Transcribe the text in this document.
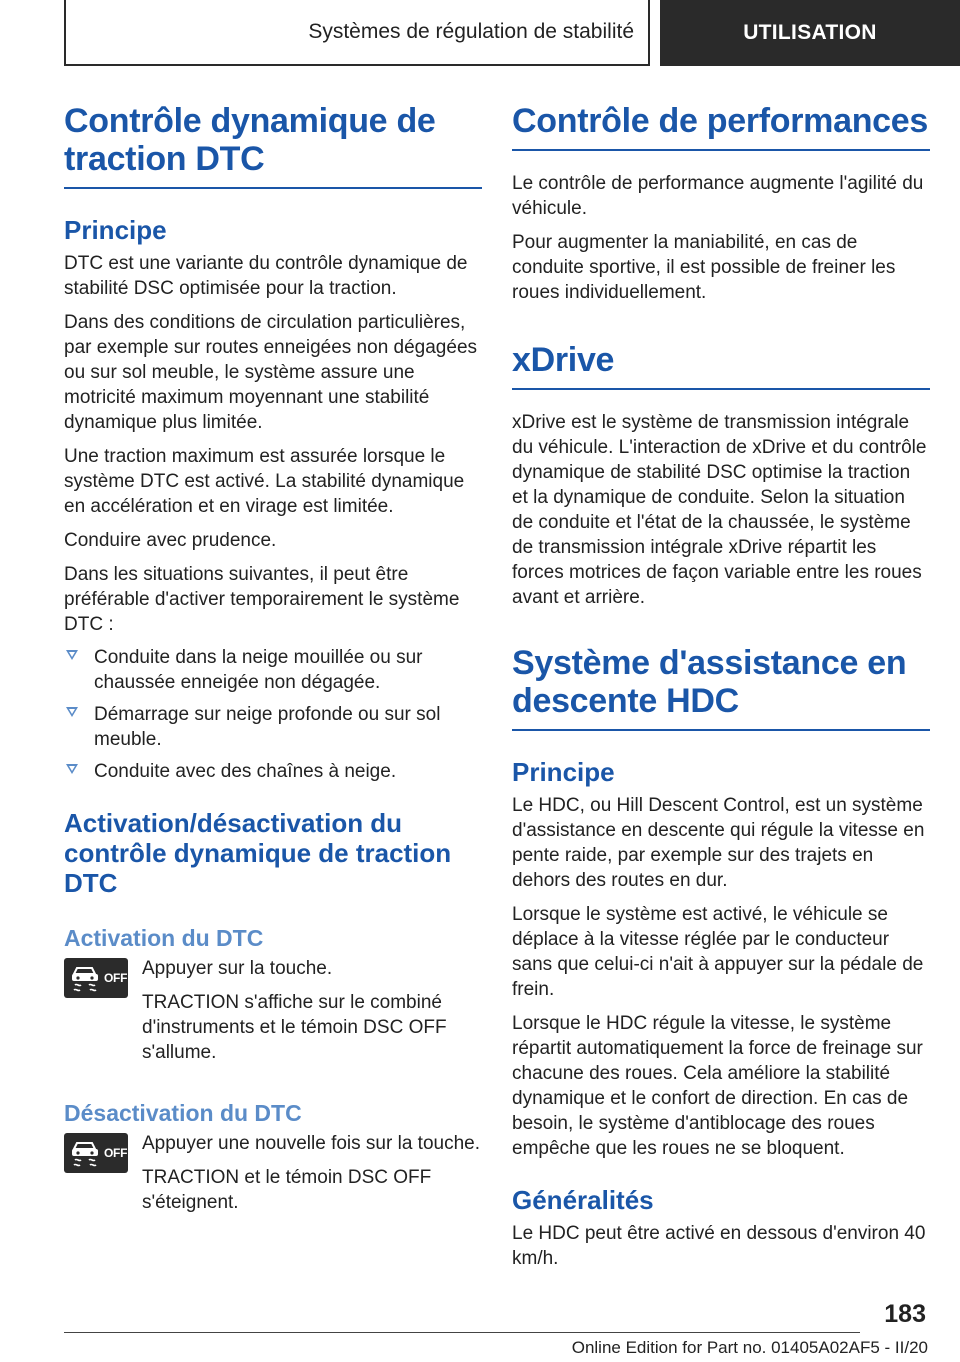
Systèmes de régulation de stabilité	UTILISATION
Contrôle dynamique de traction DTC
Principe

DTC est une variante du contrôle dynamique de stabilité DSC optimisée pour la traction.

Dans des conditions de circulation particulières, par exemple sur routes enneigées non dégagées ou sur sol meuble, le système assure une motricité maximum moyennant une stabilité dynamique plus limitée.

Une traction maximum est assurée lorsque le système DTC est activé. La stabilité dynamique en accélération et en virage est limitée.

Conduire avec prudence.

Dans les situations suivantes, il peut être préférable d'activer temporairement le système DTC :

Conduite dans la neige mouillée ou sur chaussée enneigée non dégagée.
Démarrage sur neige profonde ou sur sol meuble.
Conduite avec des chaînes à neige.
Activation/désactivation du contrôle dynamique de traction DTC
Activation du DTC
OFF Appuyer sur la touche.

TRACTION s'affiche sur le combiné d'instruments et le témoin DSC OFF s'allume.

Désactivation du DTC
OFF Appuyer une nouvelle fois sur la touche.

TRACTION et le témoin DSC OFF s'éteignent.

Contrôle de performances

Le contrôle de performance augmente l'agilité du véhicule.

Pour augmenter la maniabilité, en cas de conduite sportive, il est possible de freiner les roues individuellement.

xDrive

xDrive est le système de transmission intégrale du véhicule. L'interaction de xDrive et du contrôle dynamique de stabilité DSC optimise la traction et la dynamique de conduite. Selon la situation de conduite et l'état de la chaussée, le système de transmission intégrale xDrive répartit les forces motrices de façon variable entre les roues avant et arrière.

Système d'assistance en descente HDC
Principe

Le HDC, ou Hill Descent Control, est un système d'assistance en descente qui régule la vitesse en pente raide, par exemple sur des trajets en dehors des routes en dur.

Lorsque le système est activé, le véhicule se déplace à la vitesse réglée par le conducteur sans que celui-ci n'ait à appuyer sur la pédale de frein.

Lorsque le HDC régule la vitesse, le système répartit automatiquement la force de freinage sur chacune des roues. Cela améliore la stabilité dynamique et le confort de direction. En cas de besoin, le système d'antiblocage des roues empêche que les roues ne se bloquent.

Généralités

Le HDC peut être activé en dessous d'environ 40 km/h.

183
Online Edition for Part no. 01405A02AF5 - II/20
